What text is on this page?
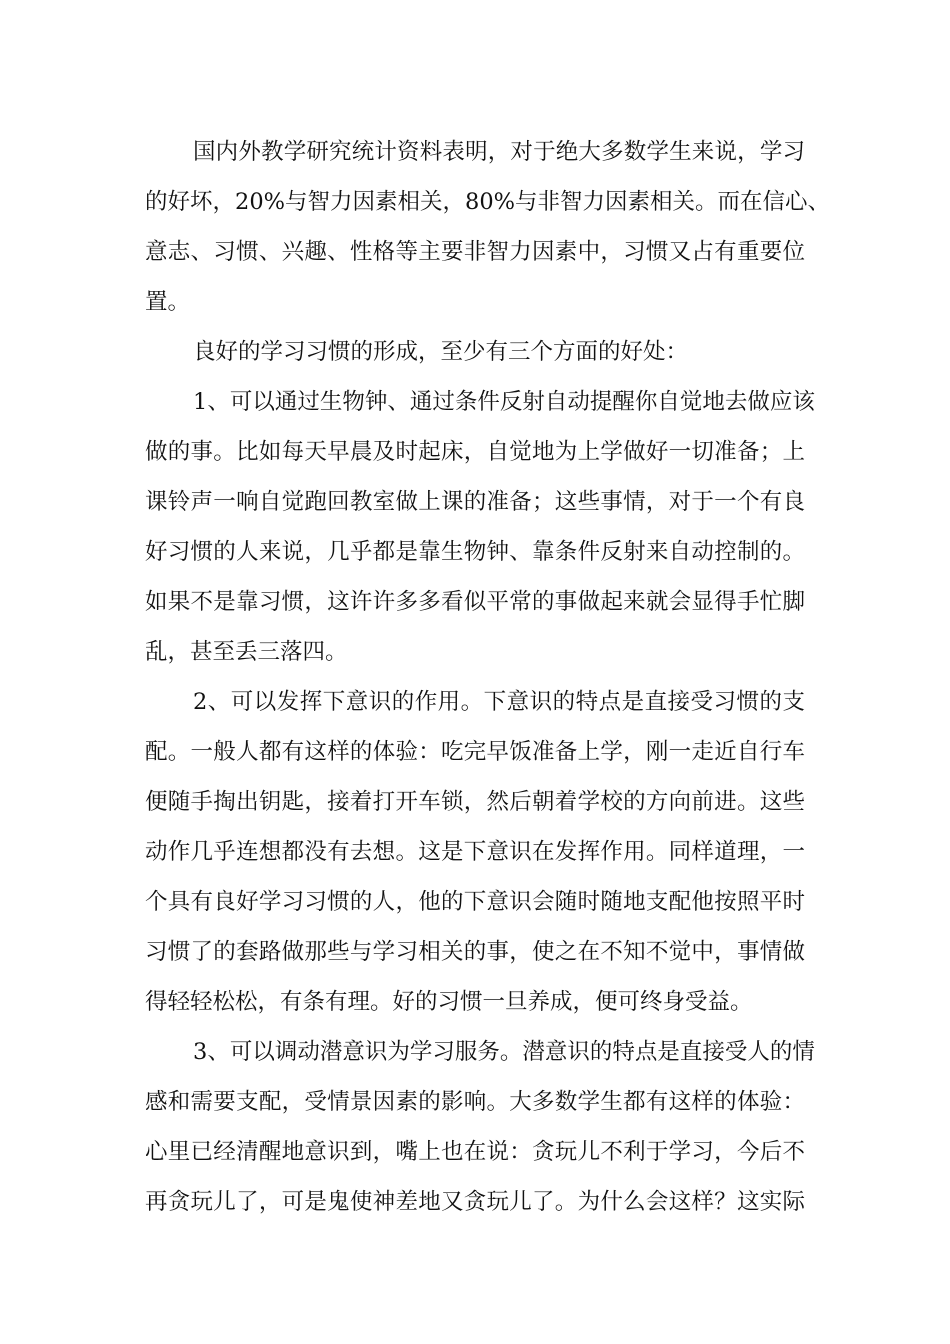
国内外教学研究统计资料表明，对于绝大多数学生来说，学习
的好坏，20%与智力因素相关，80%与非智力因素相关。而在信心、
意志、习惯、兴趣、性格等主要非智力因素中，习惯又占有重要位
置。
良好的学习习惯的形成，至少有三个方面的好处：
1、可以通过生物钟、通过条件反射自动提醒你自觉地去做应该
做的事。比如每天早晨及时起床，自觉地为上学做好一切准备；上
课铃声一响自觉跑回教室做上课的准备；这些事情，对于一个有良
好习惯的人来说，几乎都是靠生物钟、靠条件反射来自动控制的。
如果不是靠习惯，这许许多多看似平常的事做起来就会显得手忙脚
乱，甚至丢三落四。
2、可以发挥下意识的作用。下意识的特点是直接受习惯的支
配。一般人都有这样的体验：吃完早饭准备上学，刚一走近自行车
便随手掏出钥匙，接着打开车锁，然后朝着学校的方向前进。这些
动作几乎连想都没有去想。这是下意识在发挥作用。同样道理，一
个具有良好学习习惯的人，他的下意识会随时随地支配他按照平时
习惯了的套路做那些与学习相关的事，使之在不知不觉中，事情做
得轻轻松松，有条有理。好的习惯一旦养成，便可终身受益。
3、可以调动潜意识为学习服务。潜意识的特点是直接受人的情
感和需要支配，受情景因素的影响。大多数学生都有这样的体验：
心里已经清醒地意识到，嘴上也在说：贪玩儿不利于学习，今后不
再贪玩儿了，可是鬼使神差地又贪玩儿了。为什么会这样？这实际
